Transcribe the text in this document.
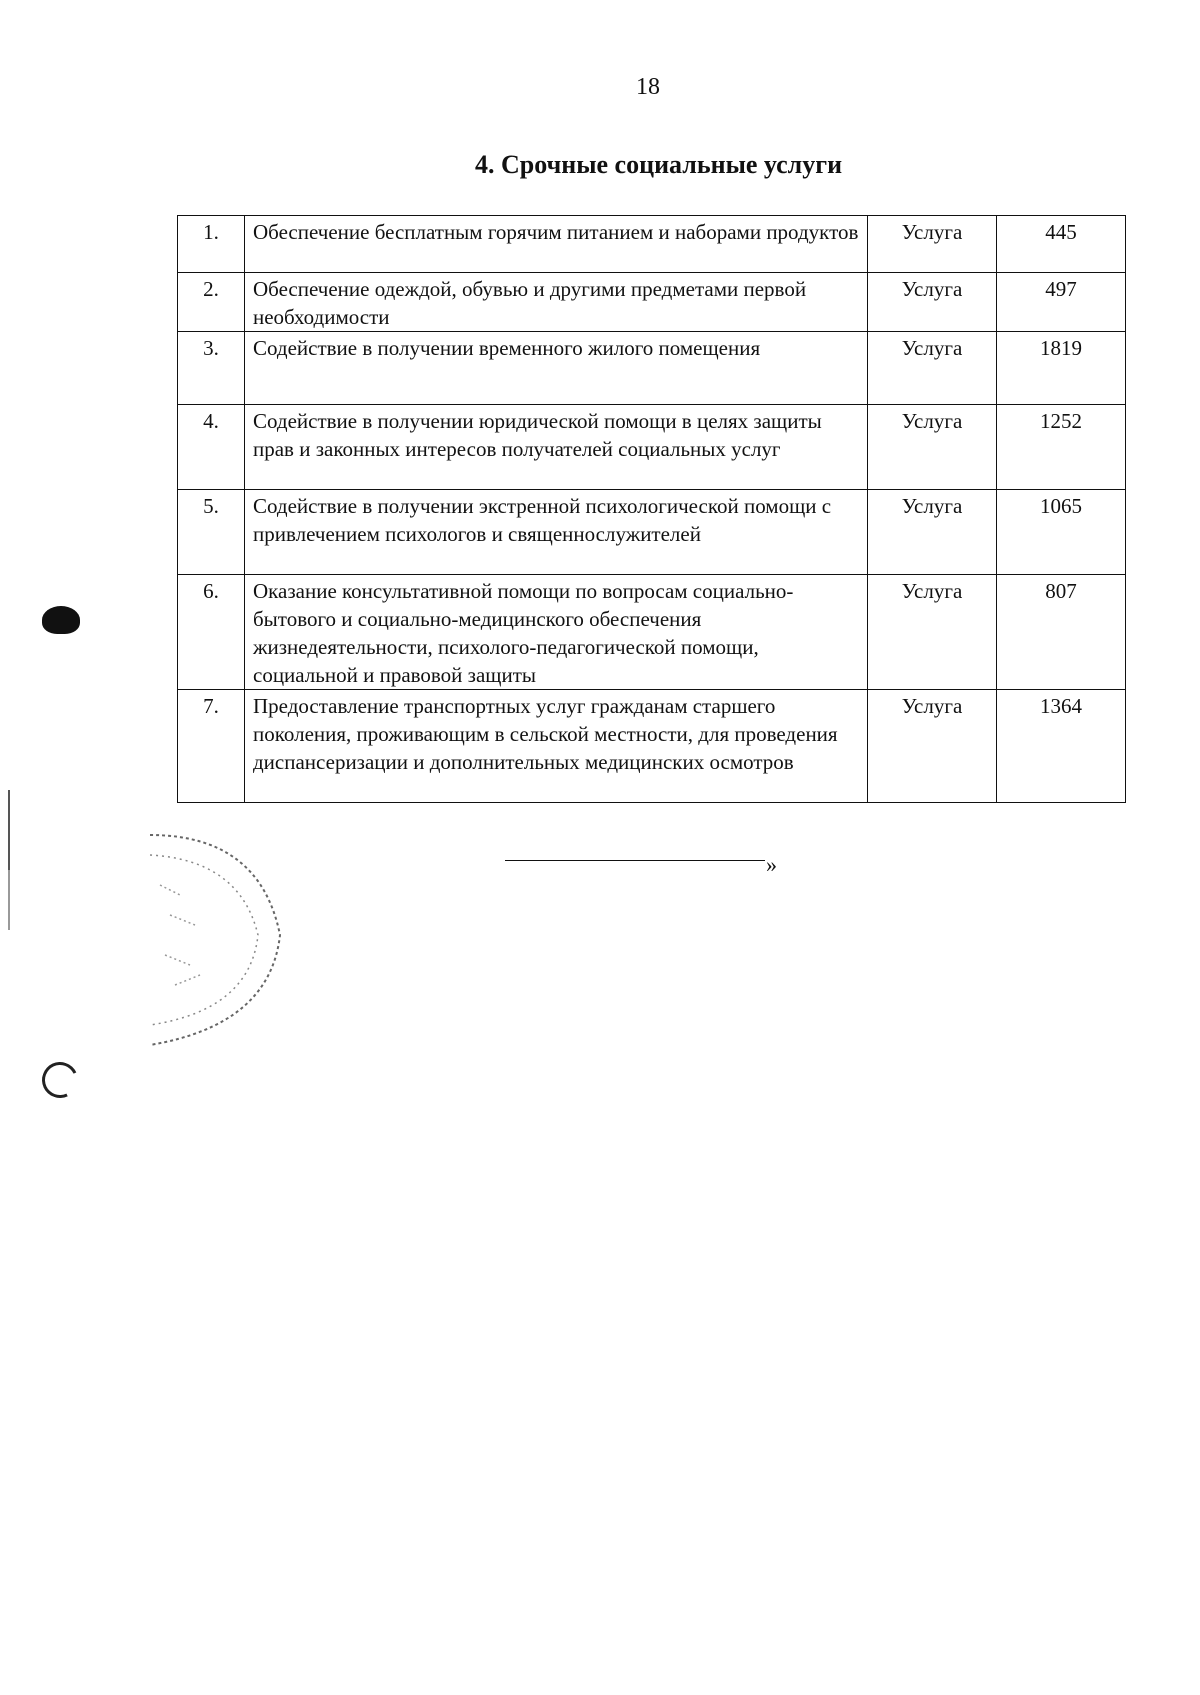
18
4. Срочные социальные услуги
1.	Обеспечение бесплатным горячим питанием и наборами продуктов	Услуга	445
2.	Обеспечение одеждой, обувью и другими предметами первой необходимости	Услуга	497
3.	Содействие в получении временного жилого помещения	Услуга	1819
4.	Содействие в получении юридической помощи в целях защиты прав и законных интересов получателей социальных услуг	Услуга	1252
5.	Содействие в получении экстренной психологической помощи с привлечением психологов и священнослужителей	Услуга	1065
6.	Оказание консультативной помощи по вопросам социально-бытового и социально-медицинского обеспечения жизнедеятельности, психолого-педагогической помощи, социальной и правовой защиты	Услуга	807
7.	Предоставление транспортных услуг гражданам старшего поколения, проживающим в сельской местности, для проведения диспансеризации и дополнительных медицинских осмотров	Услуга	1364
»
